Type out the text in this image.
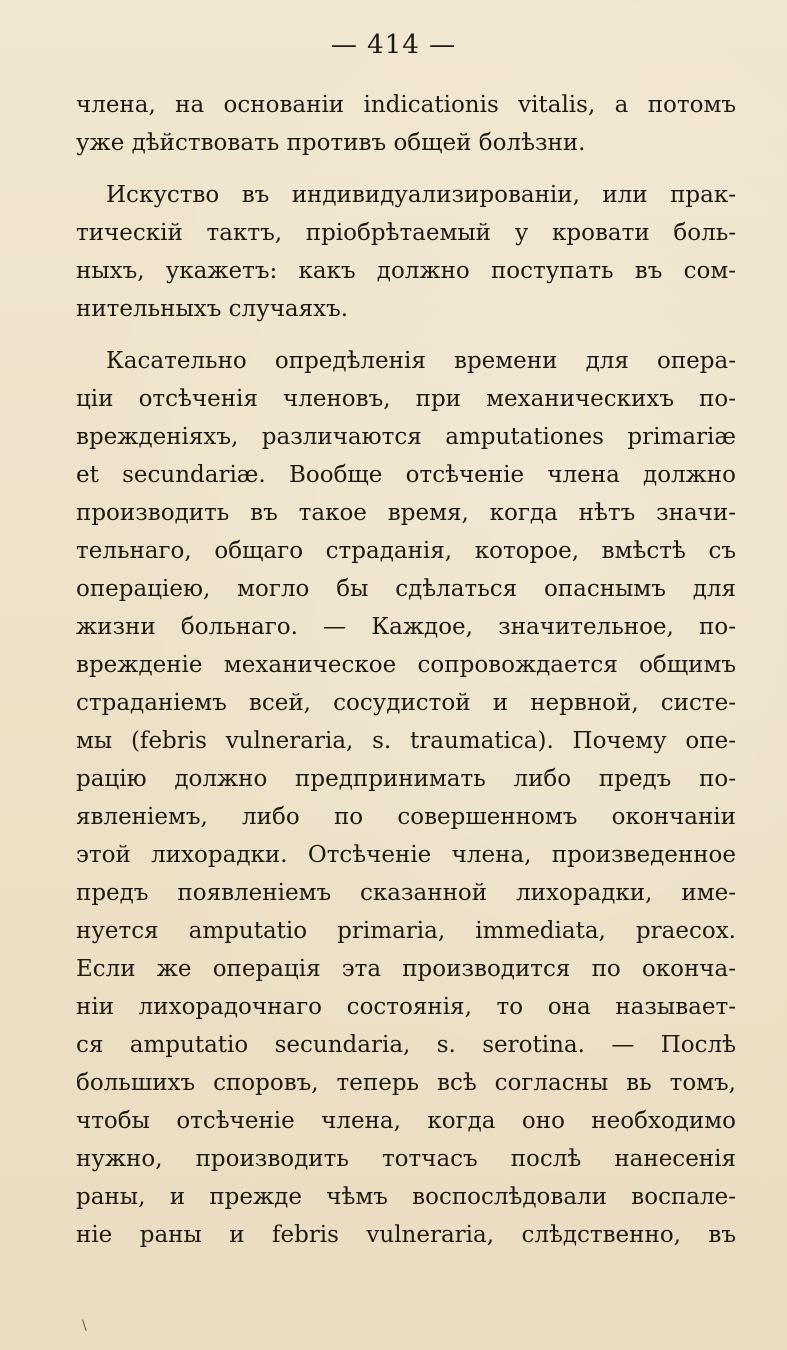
— 414 —

члена, на основаніи indicationis vitalis, а потомъ
уже дѣйствовать противъ общей болѣзни.

Искуство въ индивидуализированіи, или прак-
тическій тактъ, пріобрѣтаемый у кровати боль-
ныхъ, укажетъ: какъ должно поступать въ сом-
нительныхъ случаяхъ.

Касательно опредѣленія времени для опера-
ціи отсѣченія членовъ, при механическихъ по-
врежденіяхъ, различаются amputationes primariæ
et secundariæ. Вообще отсѣченіе члена должно
производить въ такое время, когда нѣтъ значи-
тельнаго, общаго страданія, которое, вмѣстѣ съ
операціею, могло бы сдѣлаться опаснымъ для
жизни больнаго. — Каждое, значительное, по-
врежденіе механическое сопровождается общимъ
страданіемъ всей, сосудистой и нервной, систе-
мы (febris vulneraria, s. traumatica). Почему опе-
рацію должно предпринимать либо предъ по-
явленіемъ, либо по совершенномъ окончаніи
этой лихорадки. Отсѣченіе члена, произведенное
предъ появленіемъ сказанной лихорадки, име-
нуется amputatio primaria, immediata, praecox.
Если же операція эта производится по оконча-
ніи лихорадочнаго состоянія, то она называет-
ся amputatio secundaria, s. serotina. — Послѣ
большихъ споровъ, теперь всѣ согласны вь томъ,
чтобы отсѣченіе члена, когда оно необходимо
нужно, производить тотчасъ послѣ нанесенія
раны, и прежде чѣмъ воспослѣдовали воспале-
ніе раны и febris vulneraria, слѣдственно, въ

\
